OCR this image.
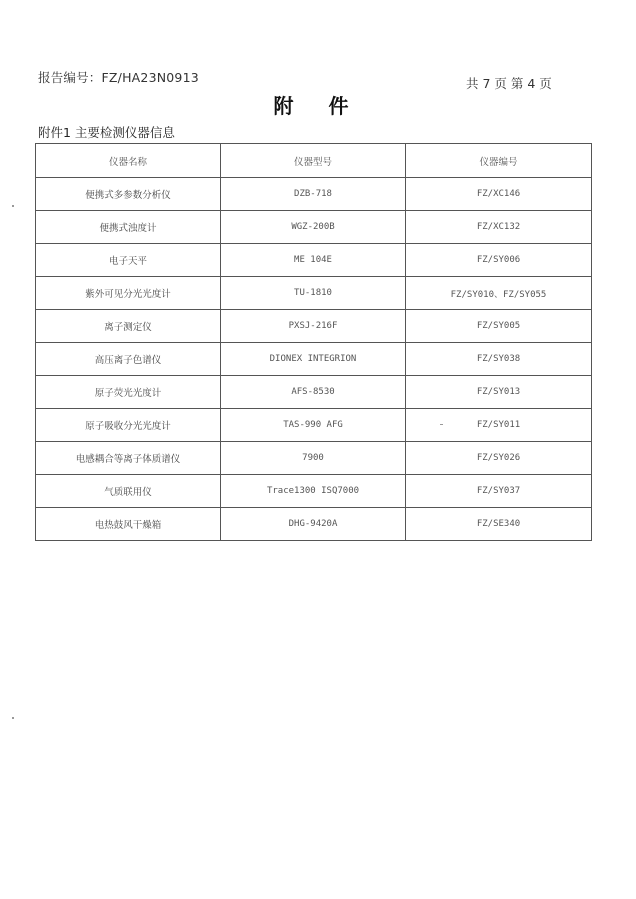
报告编号：FZ/HA23N0913	共 7 页 第 4 页
附 件
附件1 主要检测仪器信息
仪器名称	仪器型号	仪器编号
便携式多参数分析仪	DZB-718	FZ/XC146
便携式浊度计	WGZ-200B	FZ/XC132
电子天平	ME 104E	FZ/SY006
紫外可见分光光度计	TU-1810	FZ/SY010、FZ/SY055
离子测定仪	PXSJ-216F	FZ/SY005
高压离子色谱仪	DIONEX INTEGRION	FZ/SY038
原子荧光光度计	AFS-8530	FZ/SY013
原子吸收分光光度计	TAS-990 AFG	FZ/SY011
电感耦合等离子体质谱仪	7900	FZ/SY026
气质联用仪	Trace1300 ISQ7000	FZ/SY037
电热鼓风干燥箱	DHG-9420A	FZ/SE340
